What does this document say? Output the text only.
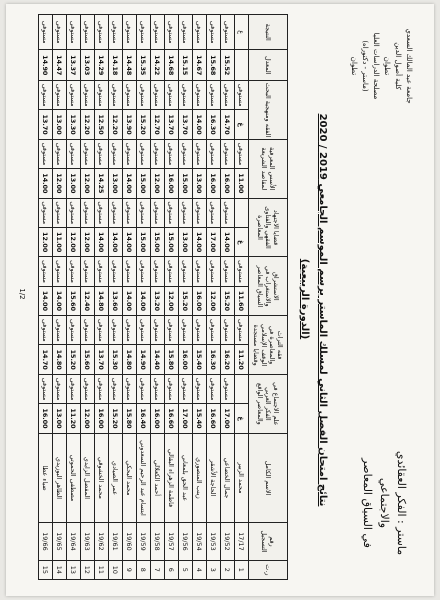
جامعة عبد المالك السعدي
كلية أصول الدين
تطوان
مصلحة الدراسات العليا
(ماستر - دكتوراه)
تطوان
ماستر : الفكر العقائدي والاجتماعي
في السياق المعاصر
نتائج امتحان الفصل الثاني لمسلك الماستر برسم الموسم الجامعي 2019 / 2020
(الدورة الربيعية)
ر.ت	رقم التسجيل	الاسم الكامل	علم الاجتماع في الفكر العربي والمعاصر الواقع		فقه التراث والمعاصرة في الوقف الإسلامي وقضايا مستجدة		الاستشراق والاستغراب في السياق المعاصر		قضايا الاجتهاد الفقهي والفتاوى المعاصرة		الأسس المعرفية لمقاصد الشريعة		الفقه ومنهجية البحث		المعدل	النتيجة
1	17/17	محمد الزبير	غ		11.20	مستوفى	11.60	مستوفى	غ		11.00	مستوفى	غ	مستوفى		غ
2	19/52	جمال الخضاعي	17.00	مستوفى	16.20	مستوفى	15.20	مستوفى	14.00	مستوفى	16.00	مستوفى	14.70	مستوفى	15.52	مستوفى
3	19/53	الحاجة الأشقر	16.60	مستوفى	16.30	مستوفى	12.00	مستوفى	17.00	مستوفى	16.00	مستوفى	16.30	مستوفى	15.68	مستوفى
4	19/54	زينب المنصوري	15.40	مستوفى	15.40	مستوفى	16.00	مستوفى	14.00	مستوفى	13.00	مستوفى	14.00	مستوفى	14.67	مستوفى
5	19/56	عبد الحق بلمعاني	17.00	مستوفى	16.00	مستوفى	15.20	مستوفى	13.00	مستوفى	15.00	مستوفى	13.70	مستوفى	15.15	مستوفى
6	19/57	فاطمة الزهراء البقالي	16.60	مستوفى	15.80	مستوفى	12.00	مستوفى	15.00	مستوفى	16.00	مستوفى	13.70	مستوفى	14.68	مستوفى
7	19/58	أحمد الكعلالي	16.00	مستوفى	14.40	مستوفى	13.20	مستوفى	15.00	مستوفى	12.00	مستوفى	12.70	مستوفى	14.22	مستوفى
8	19/59	ابتسام عبد الرحيم السعدوني	16.40	مستوفى	14.90	مستوفى	14.00	مستوفى	15.00	مستوفى	15.00	مستوفى	15.20	مستوفى	15.35	مستوفى
9	19/60	محمد البحكي	15.80	مستوفى	14.80	مستوفى	14.00	مستوفى	14.00	مستوفى	14.00	مستوفى	13.90	مستوفى	14.48	مستوفى
10	19/61	عمر الصيادي	15.20	مستوفى	15.30	مستوفى	13.60	مستوفى	14.00	مستوفى	13.00	مستوفى	12.20	مستوفى	14.18	مستوفى
11	19/62	محمد الخشوقي	16.00	مستوفى	13.70	مستوفى	14.80	مستوفى	14.00	مستوفى	14.25	مستوفى	12.50	مستوفى	14.29	مستوفى
12	19/63	المفضل الزايدي	12.00	مستوفى	15.60	مستوفى	12.40	مستوفى	12.00	مستوفى	12.00	مستوفى	12.20	مستوفى	13.03	مستوفى
13	19/64	مصطفى الحموتي	11.20	مستوفى	15.20	مستوفى	15.60	مستوفى	12.00	مستوفى	13.00	مستوفى	13.30	مستوفى	13.37	مستوفى
14	19/65	الطاهر البوزيدي	13.00	مستوفى	14.80	مستوفى	14.00	مستوفى	11.00	مستوفى	12.00	مستوفى	13.00	مستوفى	14.47	مستوفى
15	19/66	ضياء عطا	16.00	مستوفى	14.70	مستوفى	14.00	مستوفى	12.00	مستوفى	14.00	مستوفى	13.70	مستوفى	14.90	مستوفى
1/2
